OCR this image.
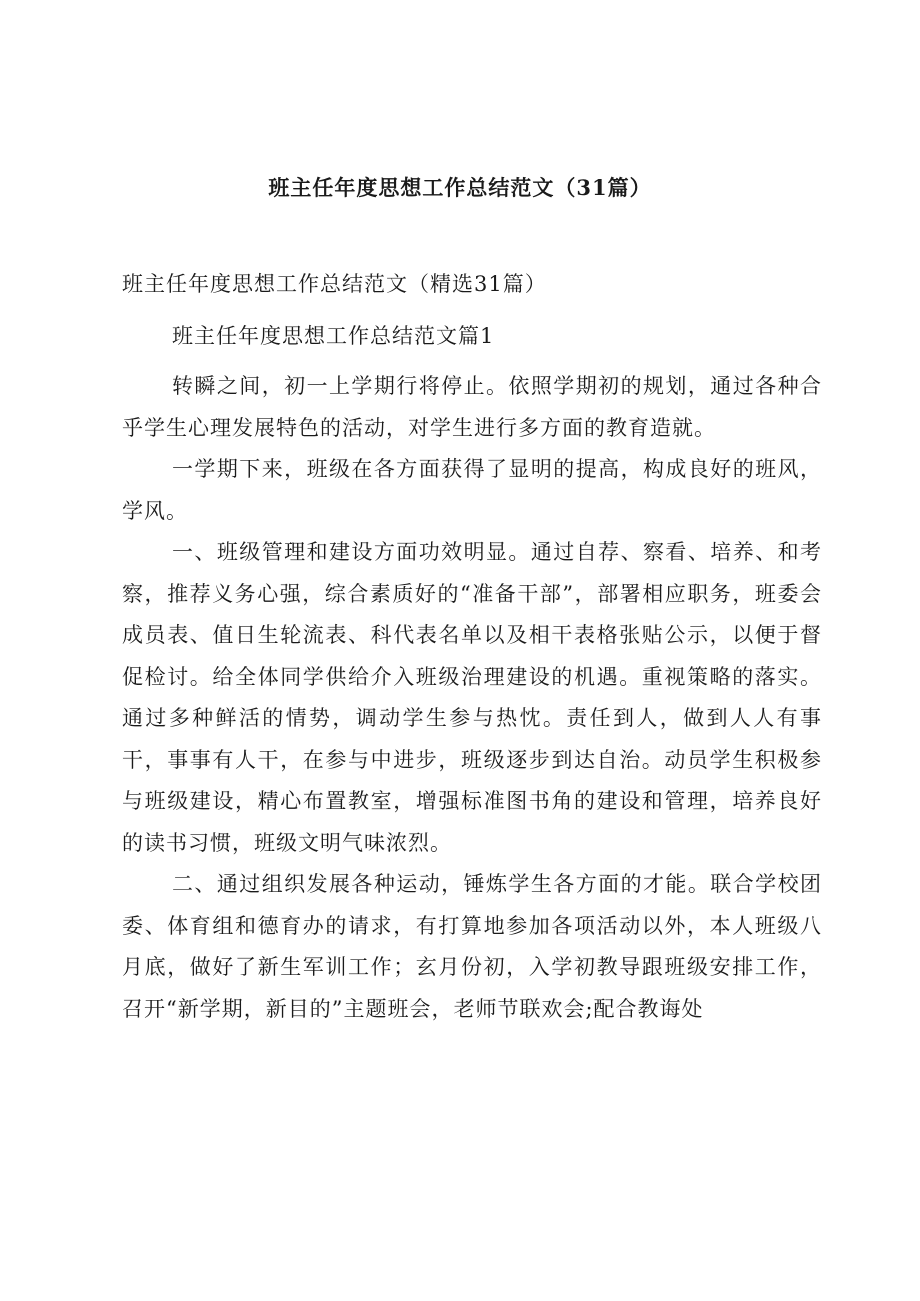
班主任年度思想工作总结范文（31篇）

班主任年度思想工作总结范文（精选31篇）

班主任年度思想工作总结范文篇1

转瞬之间，初一上学期行将停止。依照学期初的规划，通过各种合乎学生心理发展特色的活动，对学生进行多方面的教育造就。

一学期下来，班级在各方面获得了显明的提高，构成良好的班风，学风。

一、班级管理和建设方面功效明显。通过自荐、察看、培养、和考察，推荐义务心强，综合素质好的“准备干部”，部署相应职务，班委会成员表、值日生轮流表、科代表名单以及相干表格张贴公示，以便于督促检讨。给全体同学供给介入班级治理建设的机遇。重视策略的落实。通过多种鲜活的情势，调动学生参与热忱。责任到人，做到人人有事干，事事有人干，在参与中进步，班级逐步到达自治。动员学生积极参与班级建设，精心布置教室，增强标准图书角的建设和管理，培养良好的读书习惯，班级文明气味浓烈。

二、通过组织发展各种运动，锤炼学生各方面的才能。联合学校团委、体育组和德育办的请求，有打算地参加各项活动以外，本人班级八月底，做好了新生军训工作；玄月份初，入学初教导跟班级安排工作，召开“新学期，新目的”主题班会，老师节联欢会;配合教诲处
